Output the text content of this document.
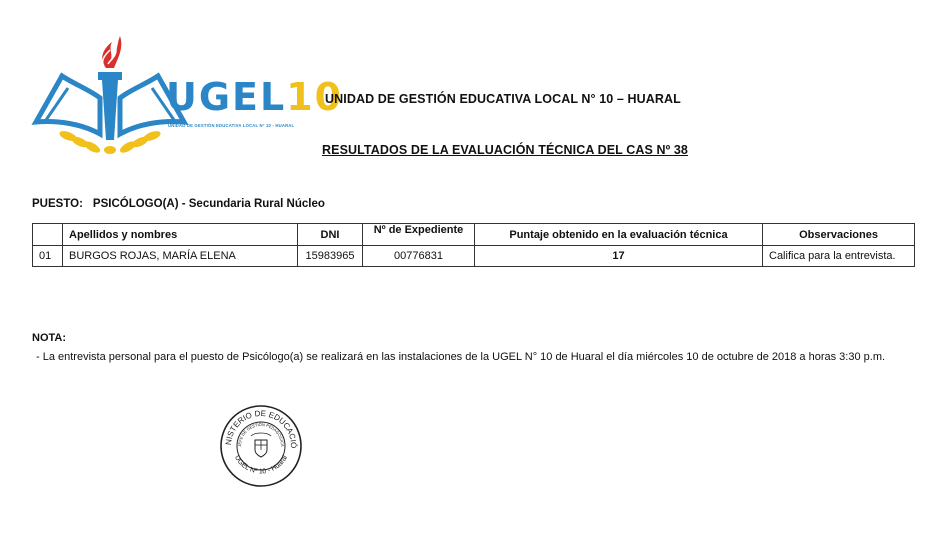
UGEL10
UNIDAD DE GESTIÓN EDUCATIVA LOCAL N° 10 - HUARAL
UNIDAD DE GESTIÓN EDUCATIVA LOCAL N° 10 – HUARAL
RESULTADOS DE LA EVALUACIÓN TÉCNICA DEL CAS Nº 38
PUESTO: PSICÓLOGO(A) - Secundaria Rural Núcleo
	Apellidos y nombres	DNI	Nº de Expediente	Puntaje obtenido en la evaluación técnica	Observaciones
01	BURGOS ROJAS, MARÍA ELENA	15983965	00776831	17	Califica para la entrevista.
NOTA:
- La entrevista personal para el puesto de Psicólogo(a) se realizará en las instalaciones de la UGEL N° 10 de Huaral el día miércoles 10 de octubre de 2018 a horas 3:30 p.m.
NISTERIO DE EDUCACIÓ
JEFE DE GESTIÓN PEDAGÓGICA
UGEL Nº 10 - Huaral
